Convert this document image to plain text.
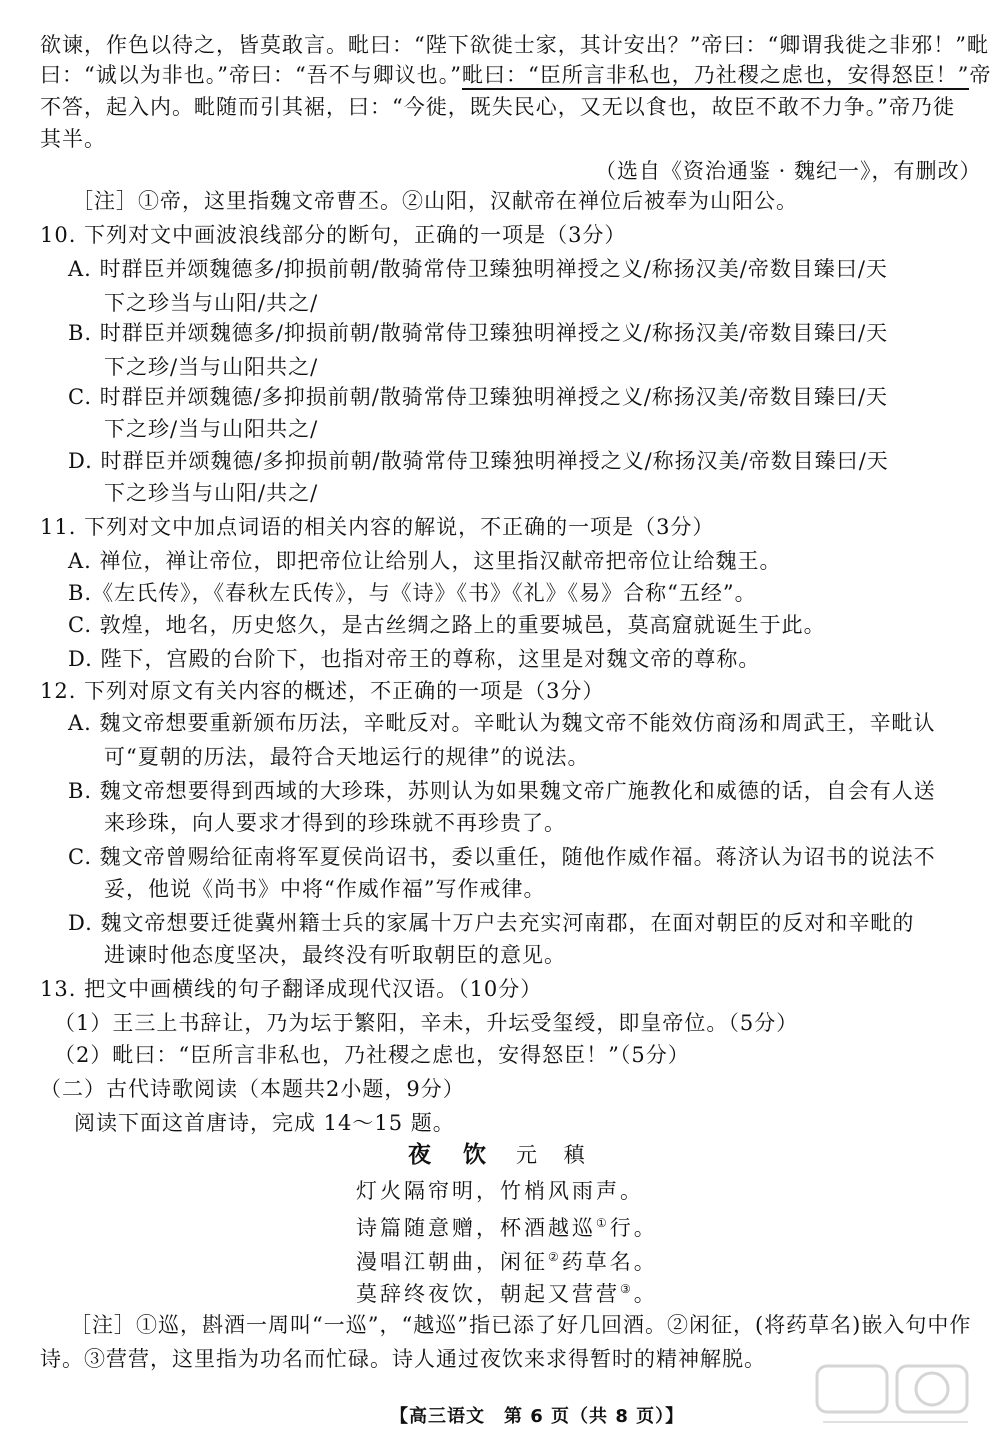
欲谏，作色以待之，皆莫敢言。毗曰：“陛下欲徙士家，其计安出？”帝曰：“卿谓我徙之非邪！”毗
曰：“诚以为非也。”帝曰：“吾不与卿议也。”毗曰：“臣所言非私也，乃社稷之虑也，安得怒臣！”帝
不答，起入内。毗随而引其裾，曰：“今徙，既失民心，又无以食也，故臣不敢不力争。”帝乃徙
其半。
（选自《资治通鉴 · 魏纪一》，有删改）
［注］①帝，这里指魏文帝曹丕。②山阳，汉献帝在禅位后被奉为山阳公。
10. 下列对文中画波浪线部分的断句，正确的一项是（3分）
A. 时群臣并颂魏德多/抑损前朝/散骑常侍卫臻独明禅授之义/称扬汉美/帝数目臻曰/天
下之珍当与山阳/共之/
B. 时群臣并颂魏德多/抑损前朝/散骑常侍卫臻独明禅授之义/称扬汉美/帝数目臻曰/天
下之珍/当与山阳共之/
C. 时群臣并颂魏德/多抑损前朝/散骑常侍卫臻独明禅授之义/称扬汉美/帝数目臻曰/天
下之珍/当与山阳共之/
D. 时群臣并颂魏德/多抑损前朝/散骑常侍卫臻独明禅授之义/称扬汉美/帝数目臻曰/天
下之珍当与山阳/共之/
11. 下列对文中加点词语的相关内容的解说，不正确的一项是（3分）
A. 禅位，禅让帝位，即把帝位让给别人，这里指汉献帝把帝位让给魏王。
B.《左氏传》，《春秋左氏传》，与《诗》《书》《礼》《易》合称“五经”。
C. 敦煌，地名，历史悠久，是古丝绸之路上的重要城邑，莫高窟就诞生于此。
D. 陛下，宫殿的台阶下，也指对帝王的尊称，这里是对魏文帝的尊称。
12. 下列对原文有关内容的概述，不正确的一项是（3分）
A. 魏文帝想要重新颁布历法，辛毗反对。辛毗认为魏文帝不能效仿商汤和周武王，辛毗认
可“夏朝的历法，最符合天地运行的规律”的说法。
B. 魏文帝想要得到西域的大珍珠，苏则认为如果魏文帝广施教化和威德的话，自会有人送
来珍珠，向人要求才得到的珍珠就不再珍贵了。
C. 魏文帝曾赐给征南将军夏侯尚诏书，委以重任，随他作威作福。蒋济认为诏书的说法不
妥，他说《尚书》中将“作威作福”写作戒律。
D. 魏文帝想要迁徙冀州籍士兵的家属十万户去充实河南郡，在面对朝臣的反对和辛毗的
进谏时他态度坚决，最终没有听取朝臣的意见。
13. 把文中画横线的句子翻译成现代汉语。（10分）
（1）王三上书辞让，乃为坛于繁阳，辛未，升坛受玺绶，即皇帝位。（5分）
（2）毗曰：“臣所言非私也，乃社稷之虑也，安得怒臣！”（5分）
（二）古代诗歌阅读（本题共2小题，9分）
阅读下面这首唐诗，完成 14～15 题。
夜 饮 元 稹
灯火隔帘明，竹梢风雨声。
诗篇随意赠，杯酒越巡①行。
漫唱江朝曲，闲征②药草名。
莫辞终夜饮，朝起又营营③。
［注］①巡，斟酒一周叫“一巡”，“越巡”指已添了好几回酒。②闲征，(将药草名)嵌入句中作
诗。③营营，这里指为功名而忙碌。诗人通过夜饮来求得暂时的精神解脱。
【高三语文　第 6 页（共 8 页）】
